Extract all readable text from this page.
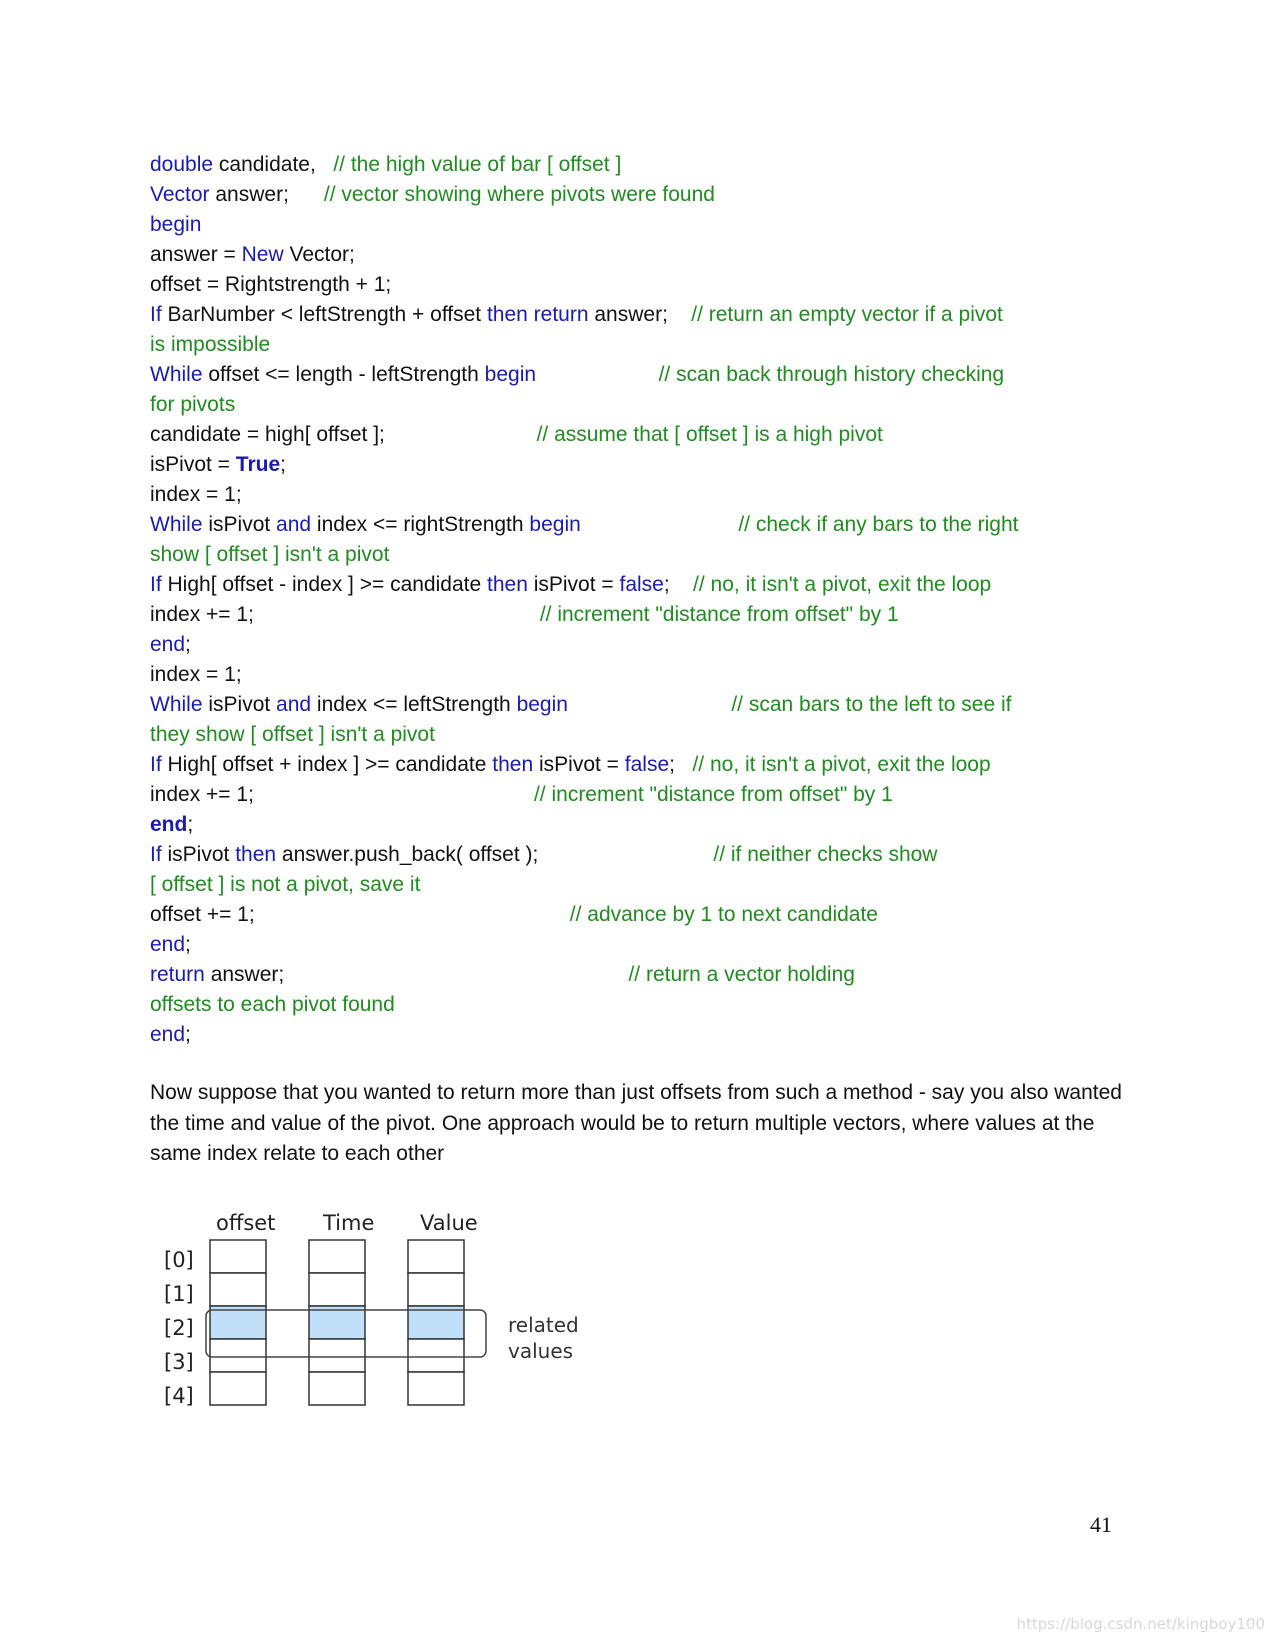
double candidate,   // the high value of bar [ offset ]
Vector answer;      // vector showing where pivots were found
begin
answer = New Vector;
offset = Rightstrength + 1;
If BarNumber < leftStrength + offset then return answer;    // return an empty vector if a pivot
is impossible
While offset <= length - leftStrength begin	// scan back through history checking
for pivots
candidate = high[ offset ];                          // assume that [ offset ] is a high pivot
isPivot = True;
index = 1;
While isPivot and index <= rightStrength begin	// check if any bars to the right
show [ offset ] isn't a pivot
If High[ offset - index ] >= candidate then isPivot = false;    // no, it isn't a pivot, exit the loop
index += 1;                                                 // increment "distance from offset" by 1
end;
index = 1;
While isPivot and index <= leftStrength begin	// scan bars to the left to see if
they show [ offset ] isn't a pivot
If High[ offset + index ] >= candidate then isPivot = false;   // no, it isn't a pivot, exit the loop
index += 1;                                                // increment "distance from offset" by 1
end;
If isPivot then answer.push_back( offset );                              // if neither checks show
[ offset ] is not a pivot, save it
offset += 1;                                                      // advance by 1 to next candidate
end;
return answer;                                                           // return a vector holding
offsets to each pivot found
end;
Now suppose that you wanted to return more than just offsets from such a method - say you also wanted the time and value of the pivot. One approach would be to return multiple vectors, where values at the same index relate to each other
offset Time Value
[0]
[1]
[2]
[3]
[4]
related
values
41
https://blog.csdn.net/kingboy100
